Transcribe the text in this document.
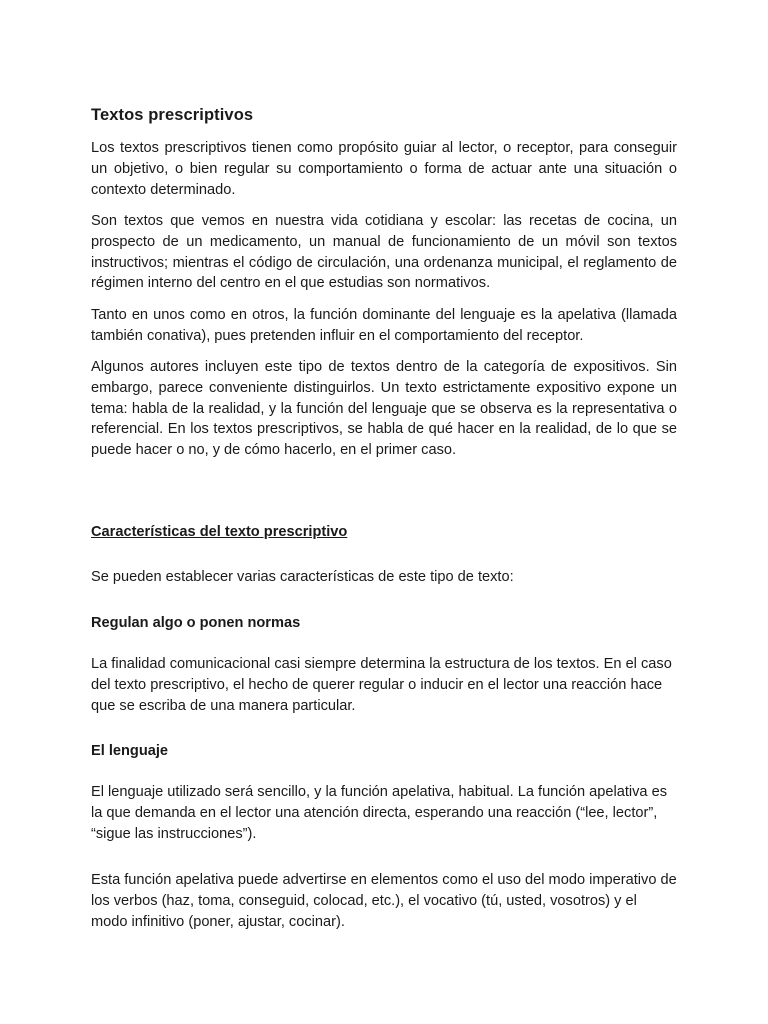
Textos prescriptivos

Los textos prescriptivos tienen como propósito guiar al lector, o receptor, para conseguir un objetivo, o bien regular su comportamiento o forma de actuar ante una situación o contexto determinado.

Son textos que vemos en nuestra vida cotidiana y escolar: las recetas de cocina, un prospecto de un medicamento, un manual de funcionamiento de un móvil son textos instructivos; mientras el código de circulación, una ordenanza municipal, el reglamento de régimen interno del centro en el que estudias son normativos.

Tanto en unos como en otros, la función dominante del lenguaje es la apelativa (llamada también conativa), pues pretenden influir en el comportamiento del receptor.

Algunos autores incluyen este tipo de textos dentro de la categoría de expositivos. Sin embargo, parece conveniente distinguirlos. Un texto estrictamente expositivo expone un tema: habla de la realidad, y la función del lenguaje que se observa es la representativa o referencial. En los textos prescriptivos, se habla de qué hacer en la realidad, de lo que se puede hacer o no, y de cómo hacerlo, en el primer caso.

Características del texto prescriptivo

Se pueden establecer varias características de este tipo de texto:

Regulan algo o ponen normas

La finalidad comunicacional casi siempre determina la estructura de los textos. En el caso del texto prescriptivo, el hecho de querer regular o inducir en el lector una reacción hace que se escriba de una manera particular.

El lenguaje

El lenguaje utilizado será sencillo, y la función apelativa, habitual. La función apelativa es la que demanda en el lector una atención directa, esperando una reacción (“lee, lector”, “sigue las instrucciones”).

Esta función apelativa puede advertirse en elementos como el uso del modo imperativo de los verbos (haz, toma, conseguid, colocad, etc.), el vocativo (tú, usted, vosotros) y el modo infinitivo (poner, ajustar, cocinar).
